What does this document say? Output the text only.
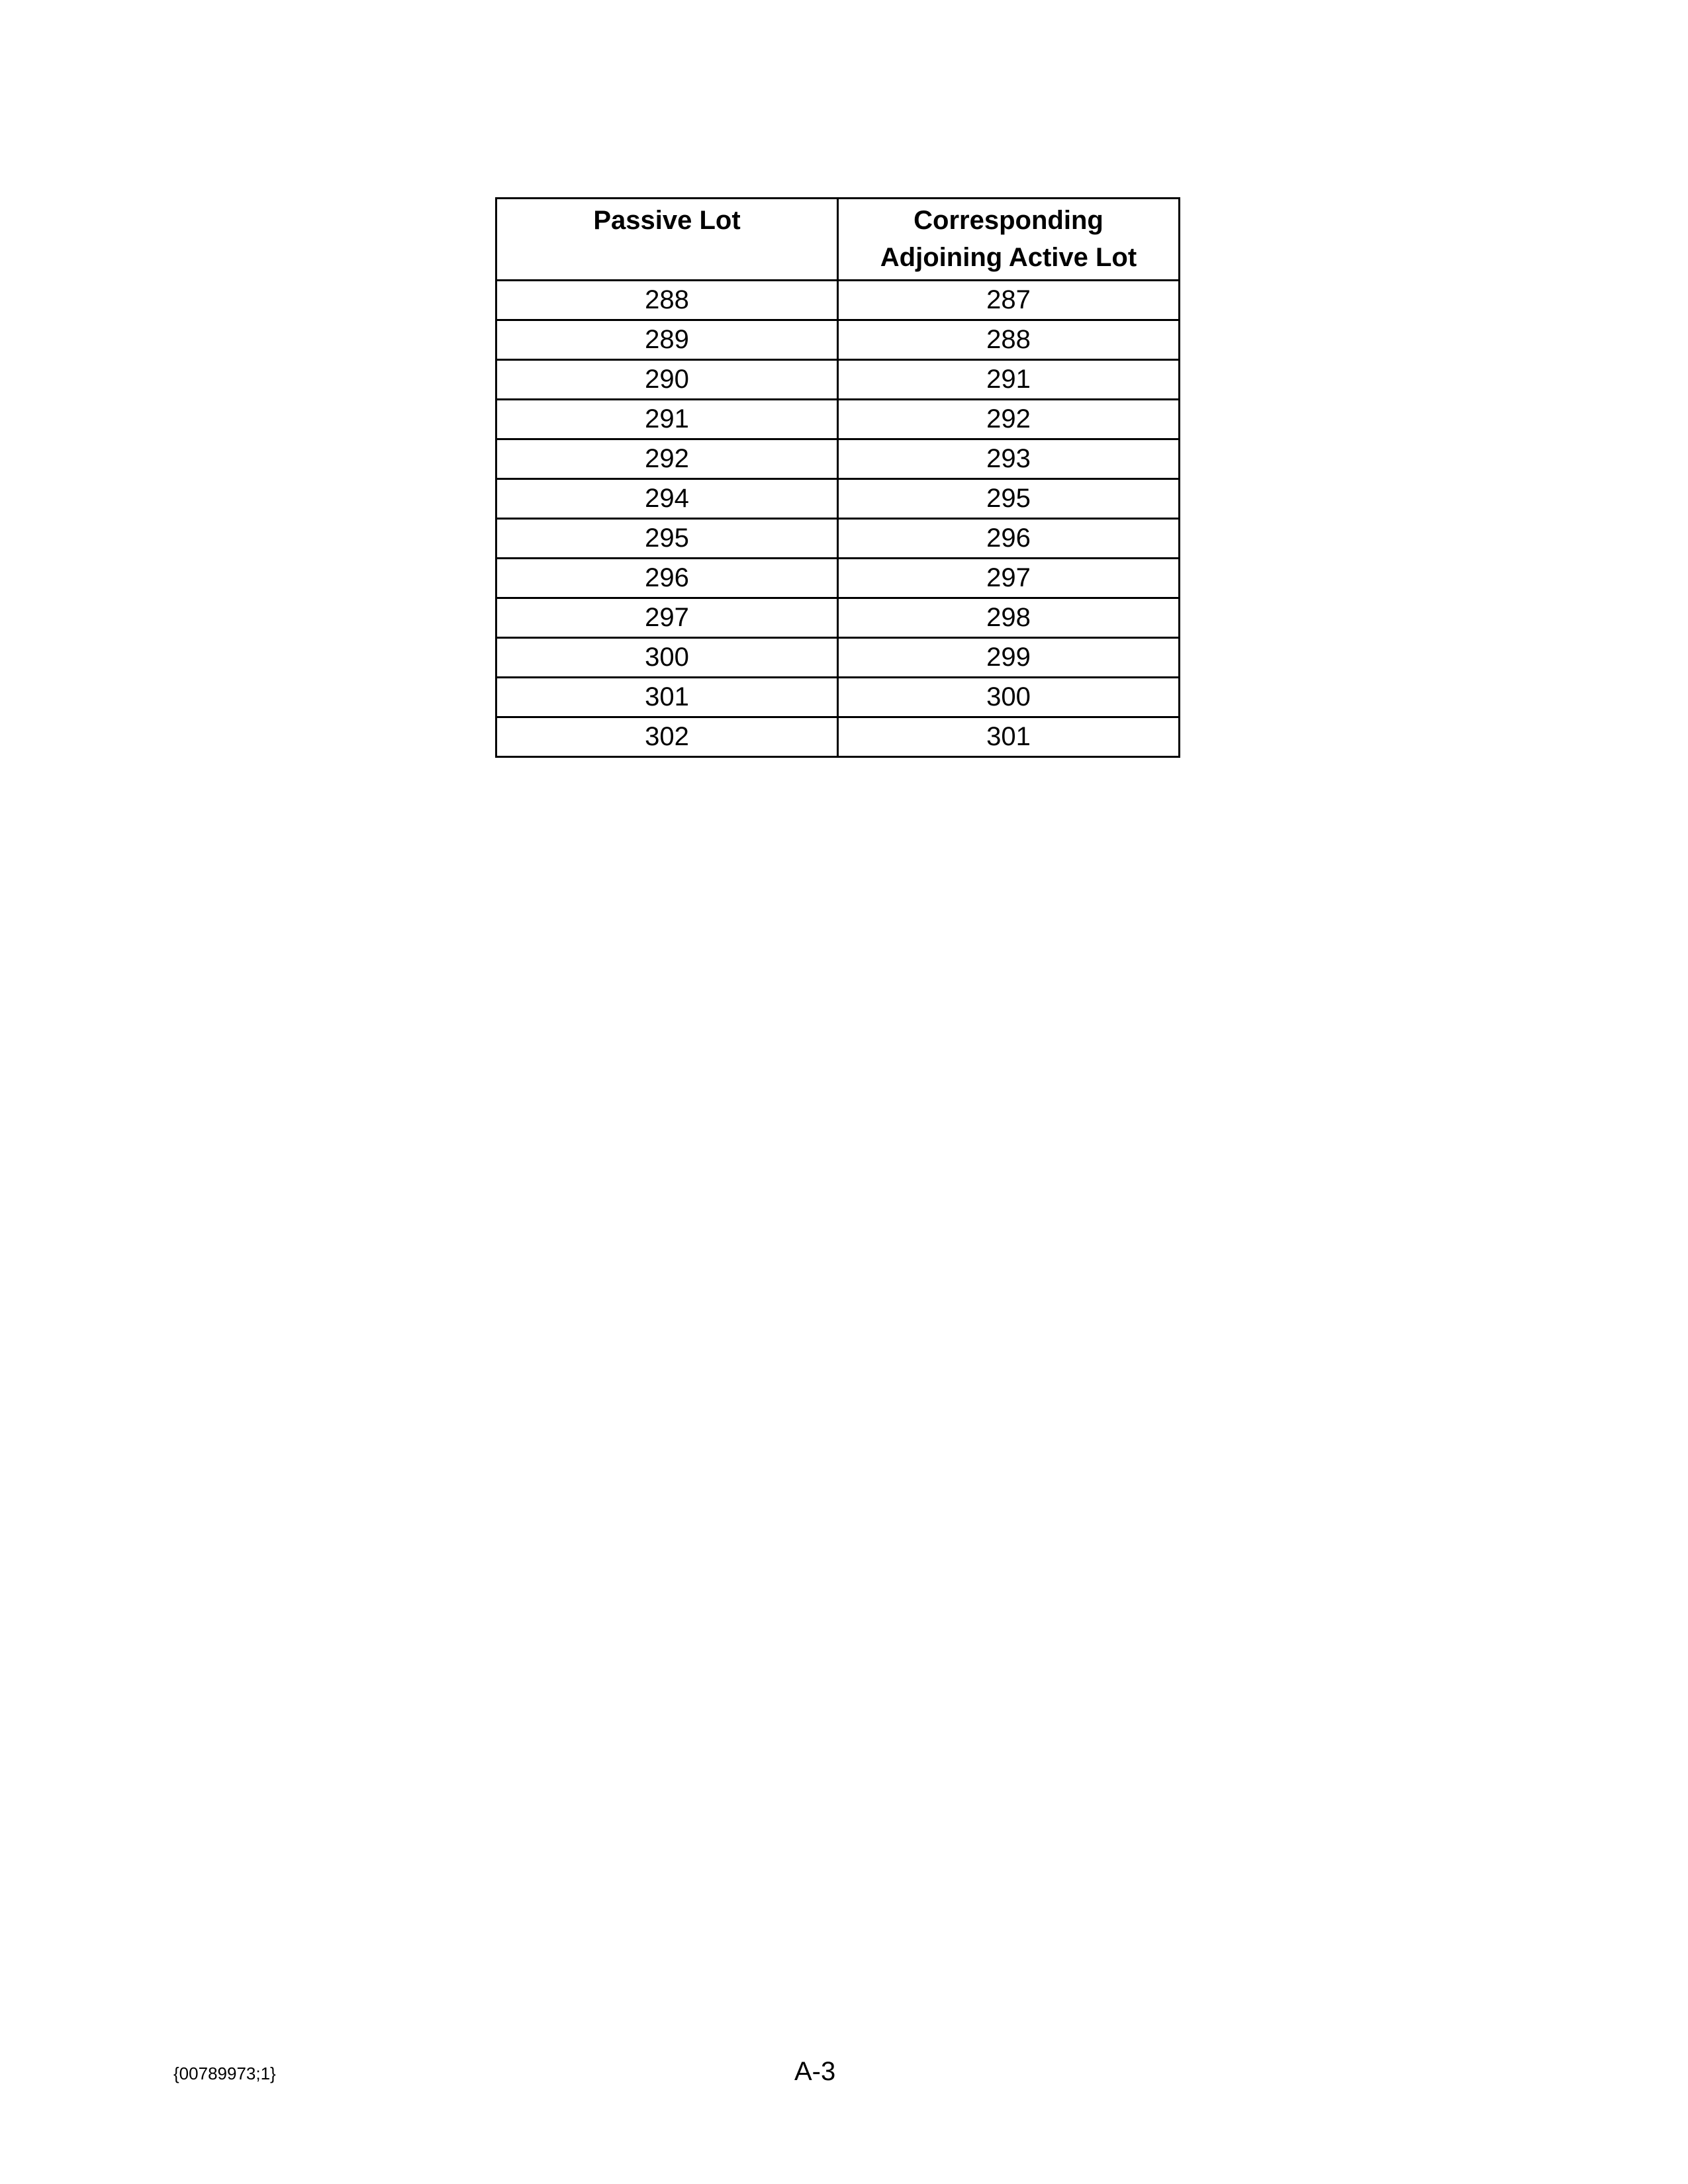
Passive Lot	Corresponding
Adjoining Active Lot
288	287
289	288
290	291
291	292
292	293
294	295
295	296
296	297
297	298
300	299
301	300
302	301
{00789973;1}	A-3
